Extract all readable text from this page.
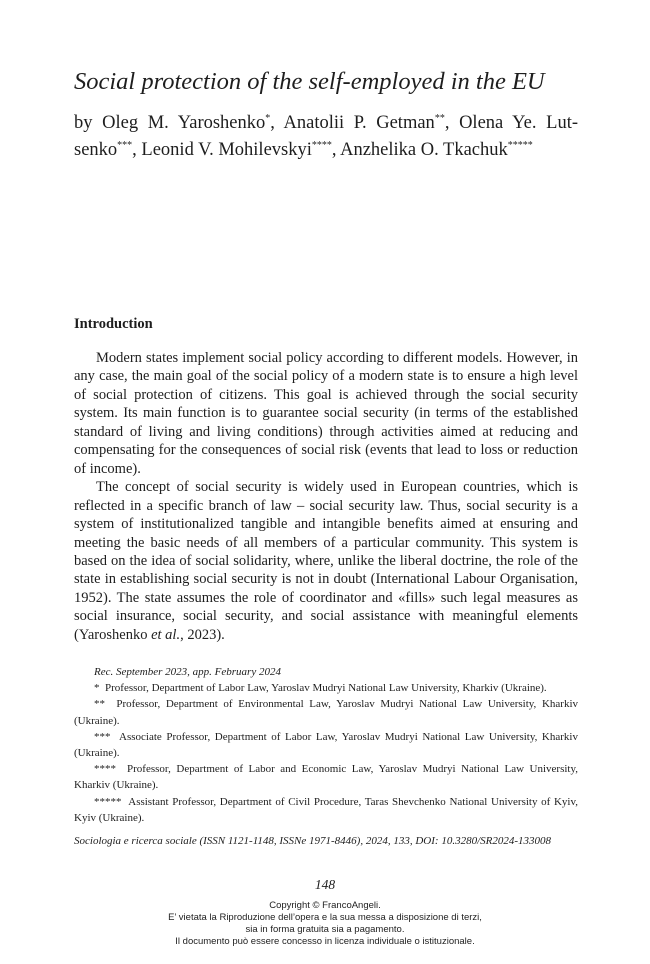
Social protection of the self-employed in the EU
by Oleg M. Yaroshenko*, Anatolii P. Getman**, Olena Ye. Lutsenko***, Leonid V. Mohilevskyi****, Anzhelika O. Tkachuk*****
Introduction

Modern states implement social policy according to different models. However, in any case, the main goal of the social policy of a modern state is to ensure a high level of social protection of citizens. This goal is achieved through the social security system. Its main function is to guarantee social security (in terms of the established standard of living and living conditions) through activities aimed at reducing and compensating for the consequences of social risk (events that lead to loss or reduction of income).

The concept of social security is widely used in European countries, which is reflected in a specific branch of law – social security law. Thus, social security is a system of institutionalized tangible and intangible benefits aimed at ensuring and meeting the basic needs of all members of a particular community. This system is based on the idea of social solidarity, where, unlike the liberal doctrine, the role of the state in establishing social security is not in doubt (International Labour Organisation, 1952). The state assumes the role of coordinator and «fills» such legal measures as social insurance, social security, and social assistance with meaningful elements (Yaroshenko et al., 2023).

Rec. September 2023, app. February 2024

* Professor, Department of Labor Law, Yaroslav Mudryi National Law University, Kharkiv (Ukraine).

** Professor, Department of Environmental Law, Yaroslav Mudryi National Law University, Kharkiv (Ukraine).

*** Associate Professor, Department of Labor Law, Yaroslav Mudryi National Law University, Kharkiv (Ukraine).

**** Professor, Department of Labor and Economic Law, Yaroslav Mudryi National Law University, Kharkiv (Ukraine).

***** Assistant Professor, Department of Civil Procedure, Taras Shevchenko National University of Kyiv, Kyiv (Ukraine).

Sociologia e ricerca sociale (ISSN 1121-1148, ISSNe 1971-8446), 2024, 133, DOI: 10.3280/SR2024-133008
148
Copyright © FrancoAngeli.
E’ vietata la Riproduzione dell’opera e la sua messa a disposizione di terzi,
sia in forma gratuita sia a pagamento.
Il documento può essere concesso in licenza individuale o istituzionale.
